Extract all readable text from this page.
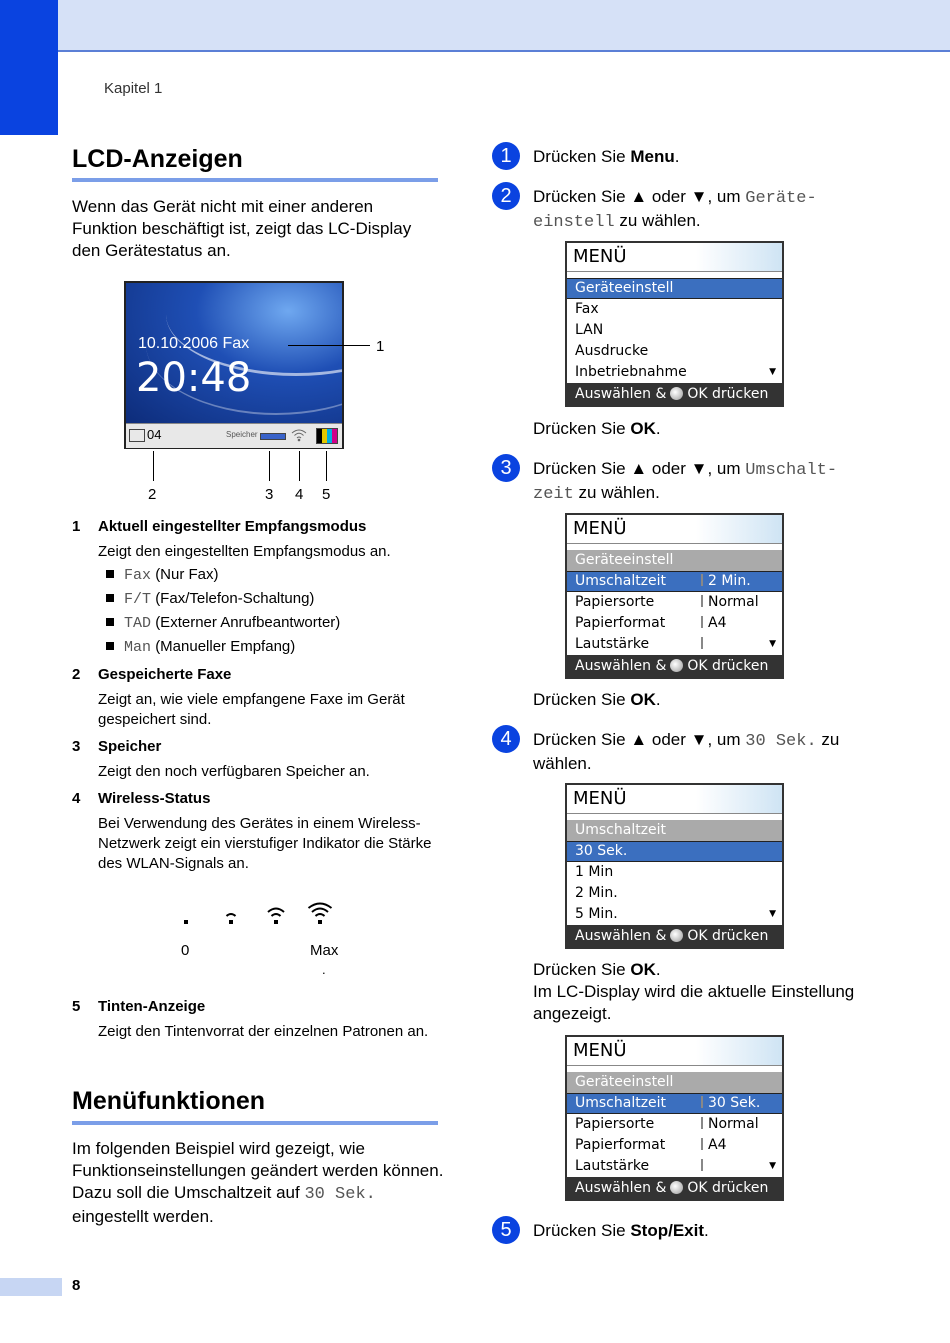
Kapitel 1
LCD-Anzeigen
Wenn das Gerät nicht mit einer anderen Funktion beschäftigt ist, zeigt das LC-Display den Gerätestatus an.
10.10.2006 Fax
20:48
04	Speicher
1
2	3 4 5
1 Aktuell eingestellter Empfangsmodus
Zeigt den eingestellten Empfangsmodus an.
Fax (Nur Fax)
F/T (Fax/Telefon-Schaltung)
TAD (Externer Anrufbeantworter)
Man (Manueller Empfang)
2 Gespeicherte Faxe
Zeigt an, wie viele empfangene Faxe im Gerät gespeichert sind.
3 Speicher
Zeigt den noch verfügbaren Speicher an.
4 Wireless-Status
Bei Verwendung des Gerätes in einem Wireless-Netzwerk zeigt ein vierstufiger Indikator die Stärke des WLAN-Signals an.
0	Max
.
5 Tinten-Anzeige
Zeigt den Tintenvorrat der einzelnen Patronen an.
Menüfunktionen
Im folgenden Beispiel wird gezeigt, wie Funktionseinstellungen geändert werden können. Dazu soll die Umschaltzeit auf 30 Sek. eingestellt werden.
1	Drücken Sie Menu.
2	Drücken Sie ▲ oder ▼, um Geräte-einstell zu wählen.
MENÜ
Geräteeinstell
Fax
LAN
Ausdrucke
Inbetriebnahme	▼
Auswählen & OK drücken
Drücken Sie OK.
3	Drücken Sie ▲ oder ▼, um Umschalt-zeit zu wählen.
MENÜ
Geräteeinstell
Umschaltzeit	2 Min.
Papiersorte	Normal
Papierformat	A4
Lautstärke	▼
Auswählen & OK drücken
Drücken Sie OK.
4	Drücken Sie ▲ oder ▼, um 30 Sek. zu wählen.
MENÜ
Umschaltzeit
30 Sek.
1 Min
2 Min.
5 Min.	▼
Auswählen & OK drücken
Drücken Sie OK.
Im LC-Display wird die aktuelle Einstellung angezeigt.
MENÜ
Geräteeinstell
Umschaltzeit	30 Sek.
Papiersorte	Normal
Papierformat	A4
Lautstärke	▼
Auswählen & OK drücken
5	Drücken Sie Stop/Exit.
8
